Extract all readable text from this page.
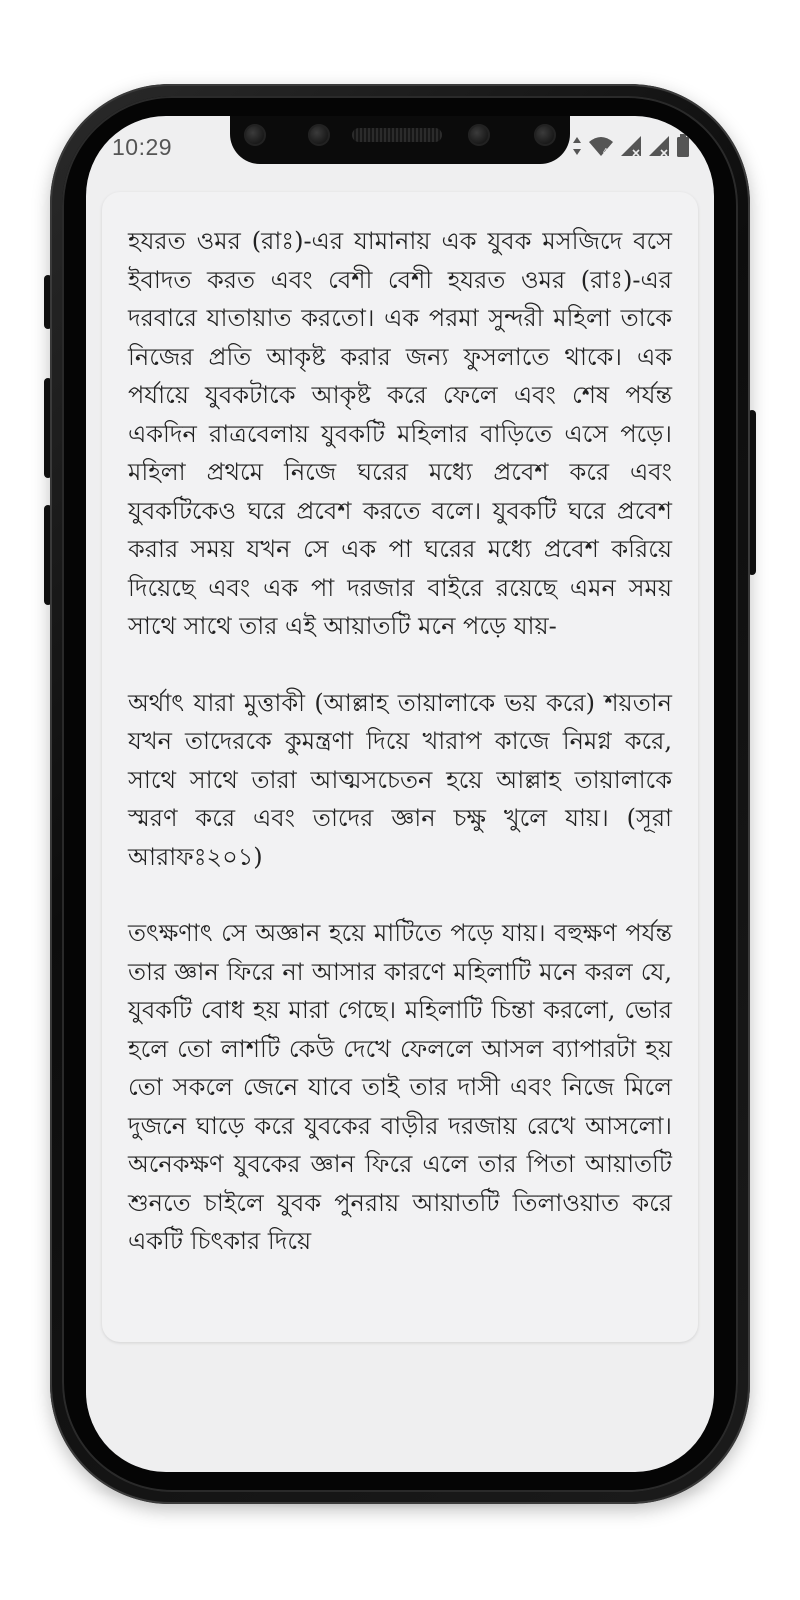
10:29	4

হযরত ওমর (রাঃ)-এর যামানায় এক যুবক মসজিদে বসে ইবাদত করত এবং বেশী বেশী হযরত ওমর (রাঃ)-এর দরবারে যাতায়াত করতো। এক পরমা সুন্দরী মহিলা তাকে নিজের প্রতি আকৃষ্ট করার জন্য ফুসলাতে থাকে। এক পর্যায়ে যুবকটাকে আকৃষ্ট করে ফেলে এবং শেষ পর্যন্ত একদিন রাত্রবেলায় যুবকটি মহিলার বাড়িতে এসে পড়ে। মহিলা প্রথমে নিজে ঘরের মধ্যে প্রবেশ করে এবং যুবকটিকেও ঘরে প্রবেশ করতে বলে। যুবকটি ঘরে প্রবেশ করার সময় যখন সে এক পা ঘরের মধ্যে প্রবেশ করিয়ে দিয়েছে এবং এক পা দরজার বাইরে রয়েছে এমন সময় সাথে সাথে তার এই আয়াতটি মনে পড়ে যায়-

অর্থাৎ যারা মুত্তাকী (আল্লাহ তায়ালাকে ভয় করে) শয়তান যখন তাদেরকে কুমন্ত্রণা দিয়ে খারাপ কাজে নিমগ্ন করে, সাথে সাথে তারা আত্মসচেতন হয়ে আল্লাহ তায়ালাকে স্মরণ করে এবং তাদের জ্ঞান চক্ষু খুলে যায়। (সূরা আরাফঃ২০১)

তৎক্ষণাৎ সে অজ্ঞান হয়ে মাটিতে পড়ে যায়। বহুক্ষণ পর্যন্ত তার জ্ঞান ফিরে না আসার কারণে মহিলাটি মনে করল যে, যুবকটি বোধ হয় মারা গেছে। মহিলাটি চিন্তা করলো, ভোর হলে তো লাশটি কেউ দেখে ফেললে আসল ব্যাপারটা হয় তো সকলে জেনে যাবে তাই তার দাসী এবং নিজে মিলে দুজনে ঘাড়ে করে যুবকের বাড়ীর দরজায় রেখে আসলো। অনেকক্ষণ যুবকের জ্ঞান ফিরে এলে তার পিতা আয়াতটি শুনতে চাইলে যুবক পুনরায় আয়াতটি তিলাওয়াত করে একটি চিৎকার দিয়ে
